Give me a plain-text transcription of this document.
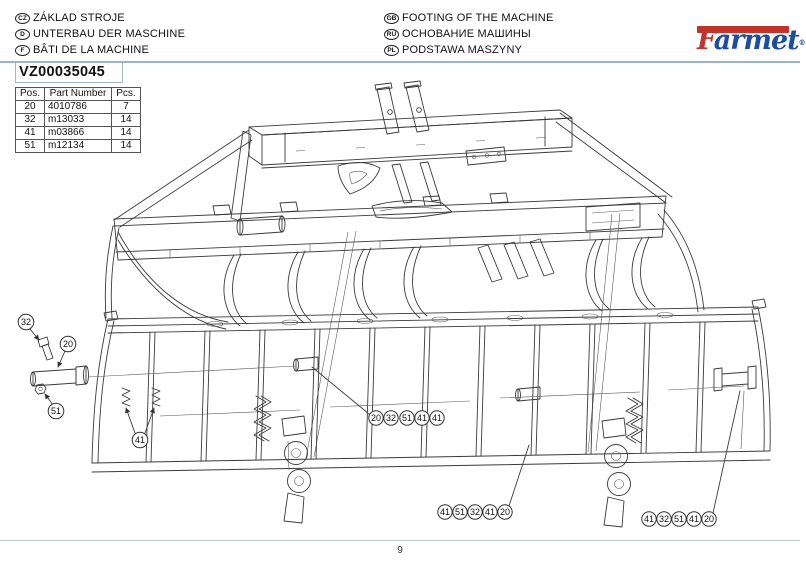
CZ ZÁKLAD STROJE
D UNTERBAU DER MASCHINE
F BÂTI DE LA MACHINE
GB FOOTING OF THE MACHINE
RU ОСНОВАНИЕ МАШИНЫ
PL PODSTAWA MASZYNY	Farmet®
VZ00035045
Pos.	Part Number	Pcs.
20	4010786	7
32	m13033	14
41	m03866	14
51	m12134	14
32
20
51
41
20 32 51 41 41
41 51 32 41 20
41 32 51 41 20
9
